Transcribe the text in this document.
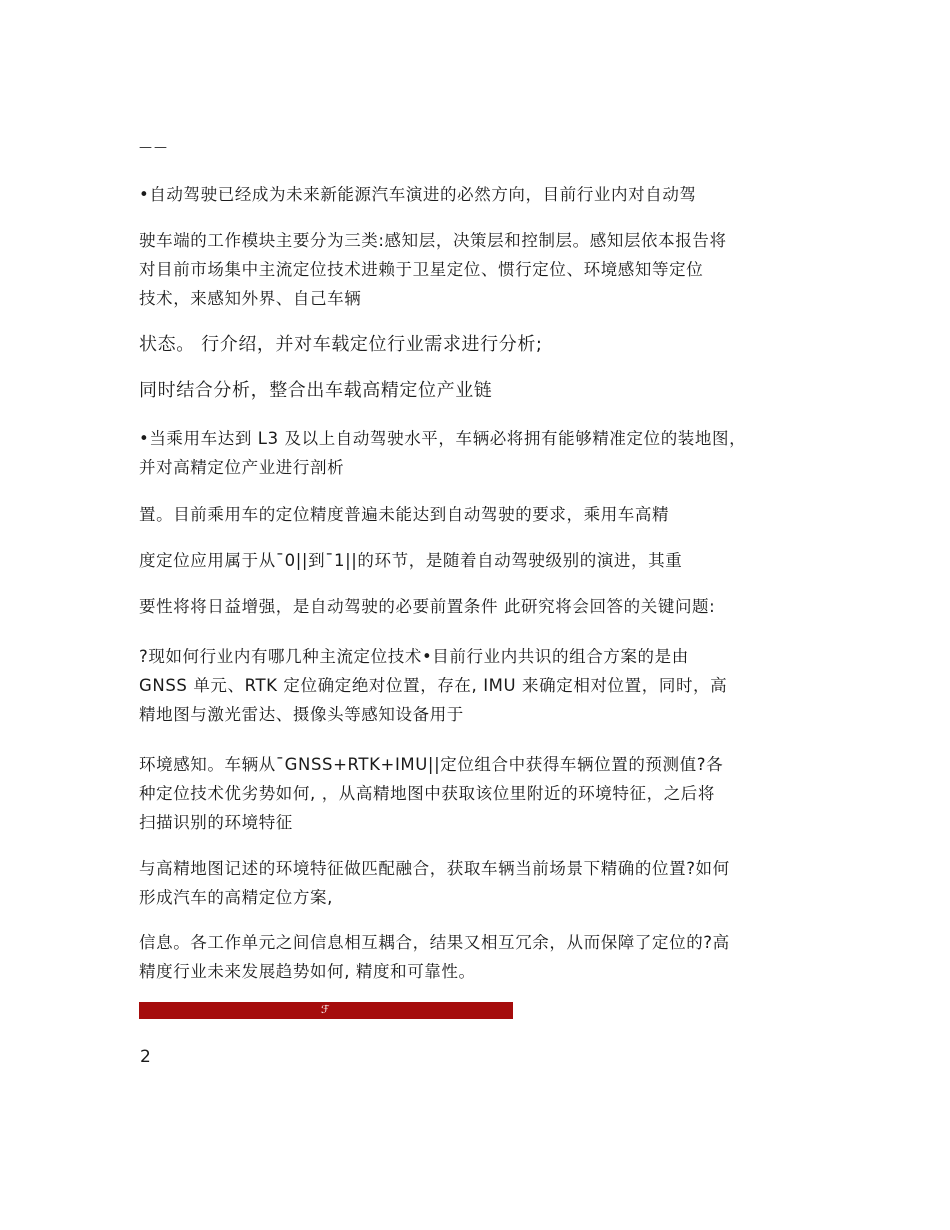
——
•自动驾驶已经成为未来新能源汽车演进的必然方向，目前行业内对自动驾
驶车端的工作模块主要分为三类:感知层，决策层和控制层。感知层依本报告将
对目前市场集中主流定位技术进赖于卫星定位、惯行定位、环境感知等定位
技术，来感知外界、自己车辆
状态。 行介绍，并对车载定位行业需求进行分析;
同时结合分析，整合出车载高精定位产业链
•当乘用车达到 L3 及以上自动驾驶水平，车辆必将拥有能够精准定位的装地图，
并对高精定位产业进行剖析
置。目前乘用车的定位精度普遍未能达到自动驾驶的要求，乘用车高精
度定位应用属于从¯0||到¯1||的环节，是随着自动驾驶级别的演进，其重
要性将将日益增强，是自动驾驶的必要前置条件 此研究将会回答的关键问题:
?现如何行业内有哪几种主流定位技术•目前行业内共识的组合方案的是由
GNSS 单元、RTK 定位确定绝对位置，存在, IMU 来确定相对位置，同时，高
精地图与激光雷达、摄像头等感知设备用于
环境感知。车辆从¯GNSS+RTK+IMU||定位组合中获得车辆位置的预测值?各
种定位技术优劣势如何, ，从高精地图中获取该位里附近的环境特征，之后将
扫描识别的环境特征
与高精地图记述的环境特征做匹配融合，获取车辆当前场景下精确的位置?如何
形成汽车的高精定位方案,
信息。各工作单元之间信息相互耦合，结果又相互冗余，从而保障了定位的?高
精度行业未来发展趋势如何, 精度和可靠性。
ℱ
2
